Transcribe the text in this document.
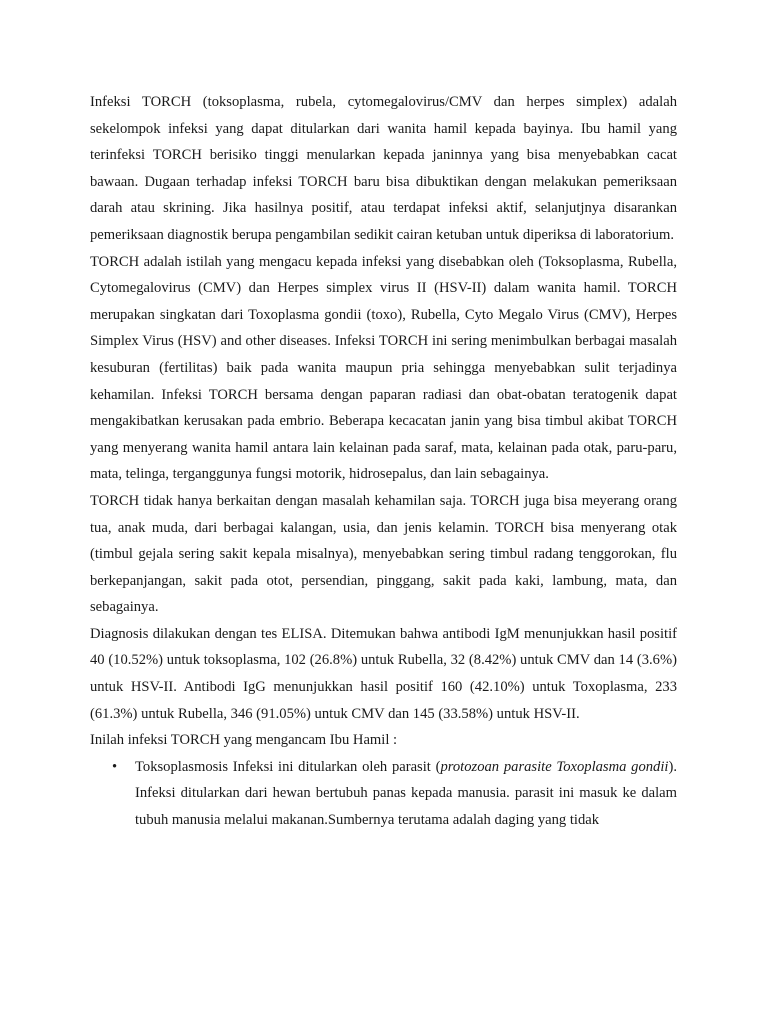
Infeksi TORCH (toksoplasma, rubela, cytomegalovirus/CMV dan herpes simplex) adalah sekelompok infeksi yang dapat ditularkan dari wanita hamil kepada bayinya. Ibu hamil yang terinfeksi TORCH berisiko tinggi menularkan kepada janinnya yang bisa menyebabkan cacat bawaan. Dugaan terhadap infeksi TORCH baru bisa dibuktikan dengan melakukan pemeriksaan darah atau skrining. Jika hasilnya positif, atau terdapat infeksi aktif, selanjutjnya disarankan pemeriksaan diagnostik berupa pengambilan sedikit cairan ketuban untuk diperiksa di laboratorium.

TORCH adalah istilah yang mengacu kepada infeksi yang disebabkan oleh (Toksoplasma, Rubella, Cytomegalovirus (CMV) dan Herpes simplex virus II (HSV-II) dalam wanita hamil. TORCH merupakan singkatan dari Toxoplasma gondii (toxo), Rubella, Cyto Megalo Virus (CMV), Herpes Simplex Virus (HSV) and other diseases. Infeksi TORCH ini sering menimbulkan berbagai masalah kesuburan (fertilitas) baik pada wanita maupun pria sehingga menyebabkan sulit terjadinya kehamilan. Infeksi TORCH bersama dengan paparan radiasi dan obat-obatan teratogenik dapat mengakibatkan kerusakan pada embrio. Beberapa kecacatan janin yang bisa timbul akibat TORCH yang menyerang wanita hamil antara lain kelainan pada saraf, mata, kelainan pada otak, paru-paru, mata, telinga, terganggunya fungsi motorik, hidrosepalus, dan lain sebagainya.

TORCH tidak hanya berkaitan dengan masalah kehamilan saja. TORCH juga bisa meyerang orang tua, anak muda, dari berbagai kalangan, usia, dan jenis kelamin. TORCH bisa menyerang otak (timbul gejala sering sakit kepala misalnya), menyebabkan sering timbul radang tenggorokan, flu berkepanjangan, sakit pada otot, persendian, pinggang, sakit pada kaki, lambung, mata, dan sebagainya.

Diagnosis dilakukan dengan tes ELISA. Ditemukan bahwa antibodi IgM menunjukkan hasil positif 40 (10.52%) untuk toksoplasma, 102 (26.8%) untuk Rubella, 32 (8.42%) untuk CMV dan 14 (3.6%) untuk HSV-II. Antibodi IgG menunjukkan hasil positif 160 (42.10%) untuk Toxoplasma, 233 (61.3%) untuk Rubella, 346 (91.05%) untuk CMV dan 145 (33.58%) untuk HSV-II.

Inilah infeksi TORCH yang mengancam Ibu Hamil :

• Toksoplasmosis Infeksi ini ditularkan oleh parasit (protozoan parasite Toxoplasma gondii). Infeksi ditularkan dari hewan bertubuh panas kepada manusia. parasit ini masuk ke dalam tubuh manusia melalui makanan.Sumbernya terutama adalah daging yang tidak
